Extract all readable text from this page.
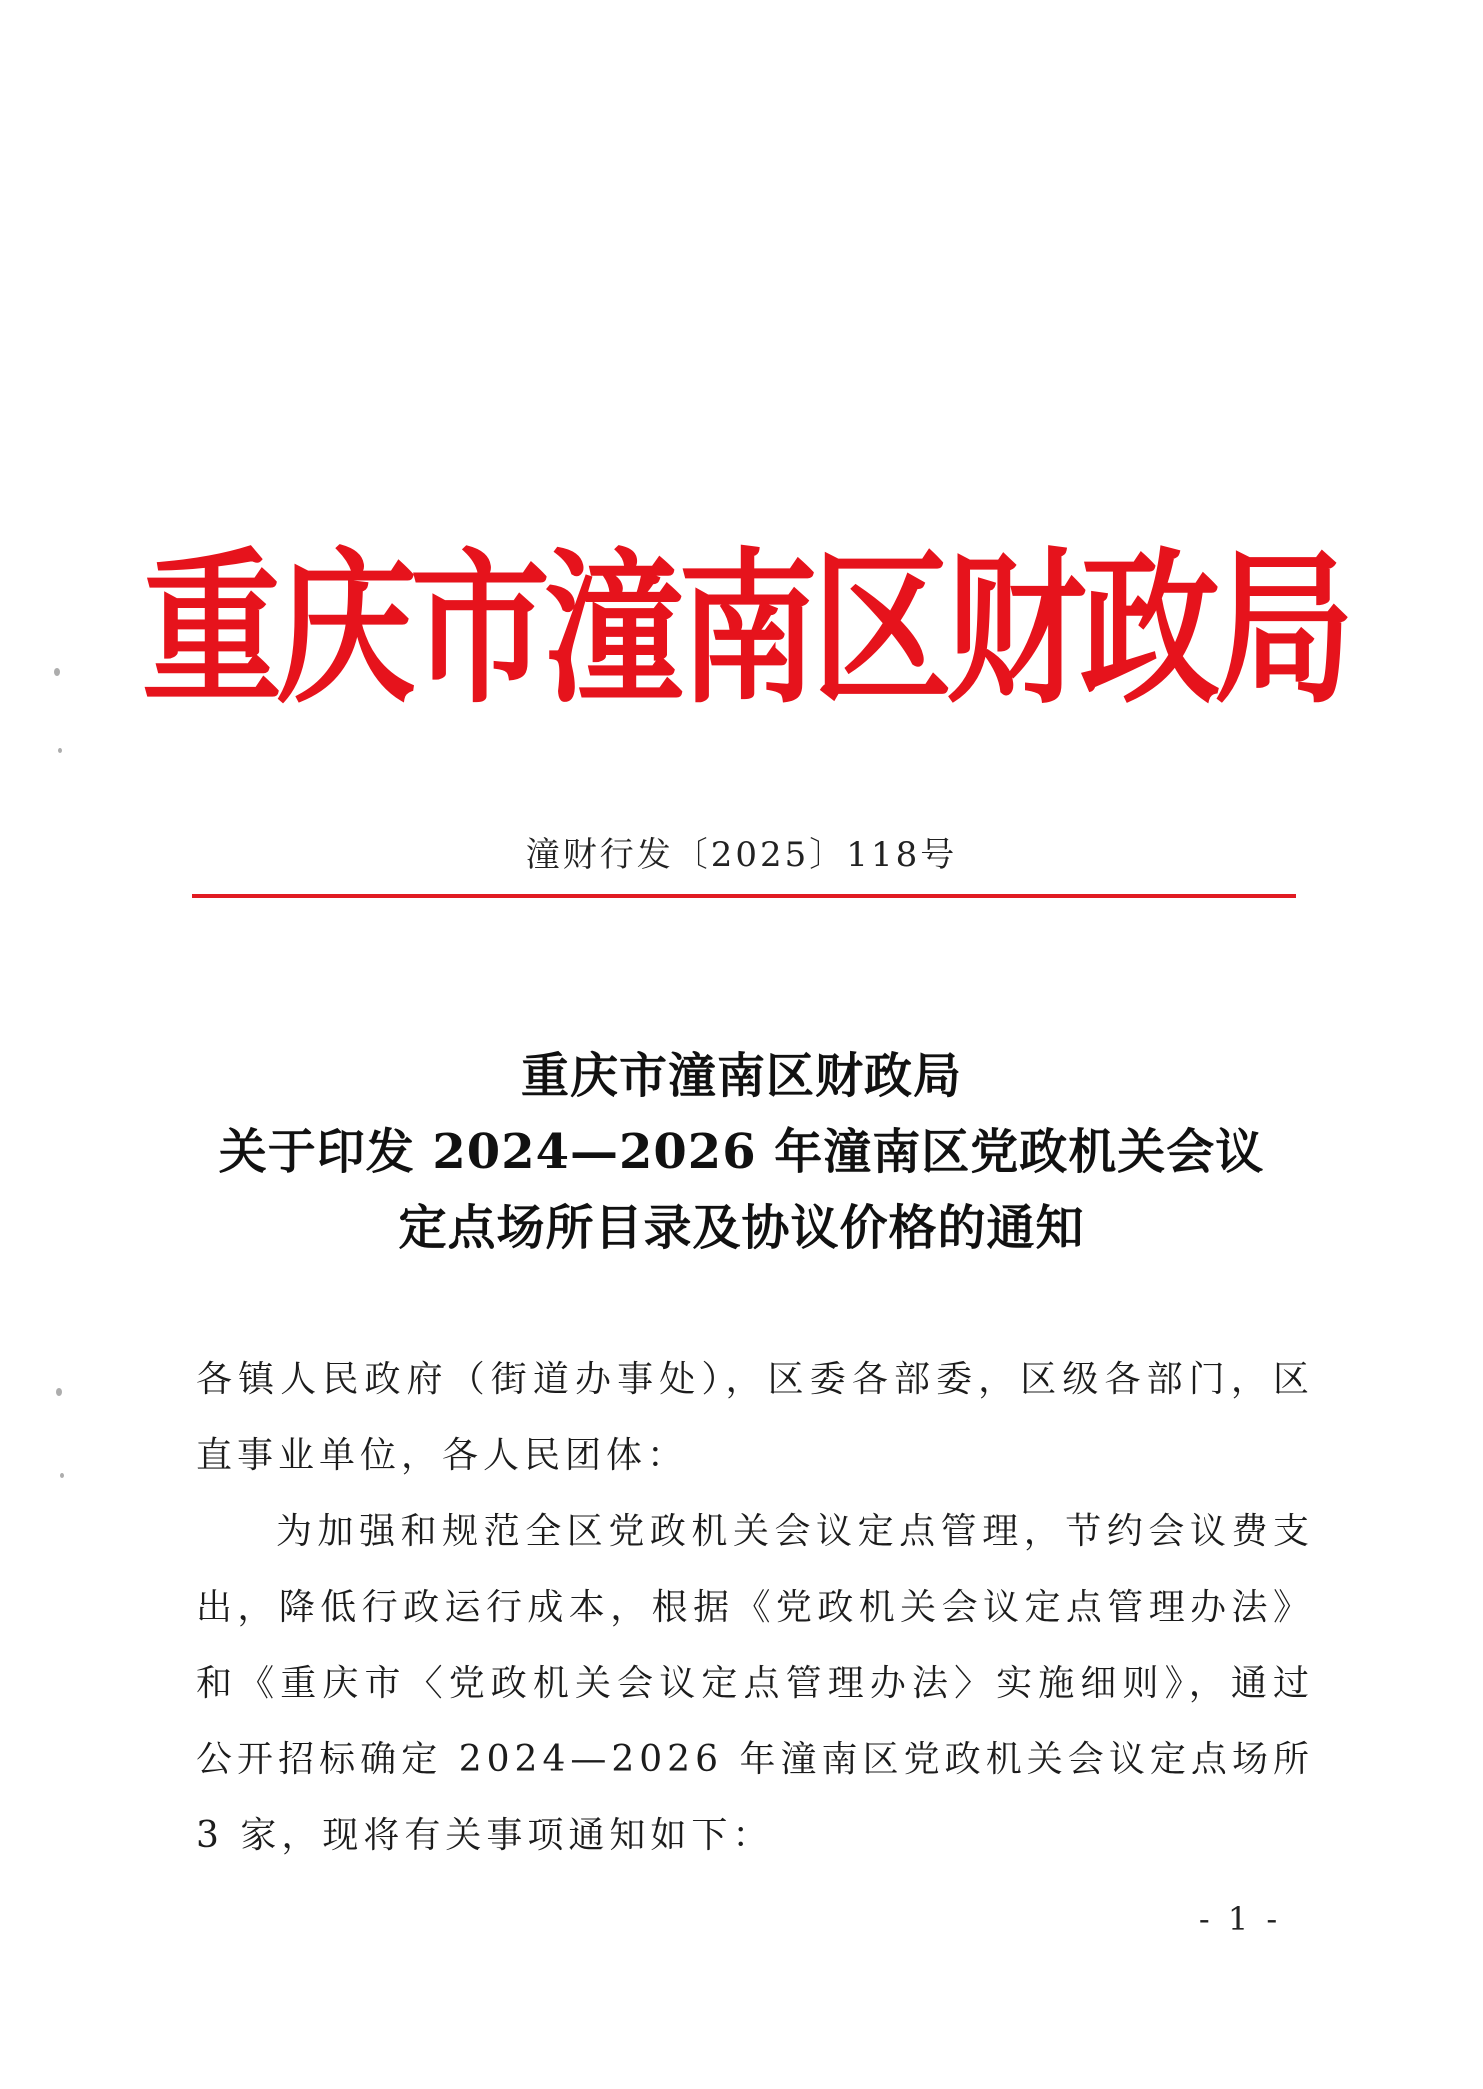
重庆市潼南区财政局
潼财行发〔2025〕118号
重庆市潼南区财政局
关于印发 2024—2026 年潼南区党政机关会议
定点场所目录及协议价格的通知

各镇人民政府（街道办事处），区委各部委，区级各部门，区直事业单位，各人民团体：

为加强和规范全区党政机关会议定点管理，节约会议费支出，降低行政运行成本，根据《党政机关会议定点管理办法》和《重庆市〈党政机关会议定点管理办法〉实施细则》，通过公开招标确定 2024—2026 年潼南区党政机关会议定点场所 3 家，现将有关事项通知如下：

- 1 -
